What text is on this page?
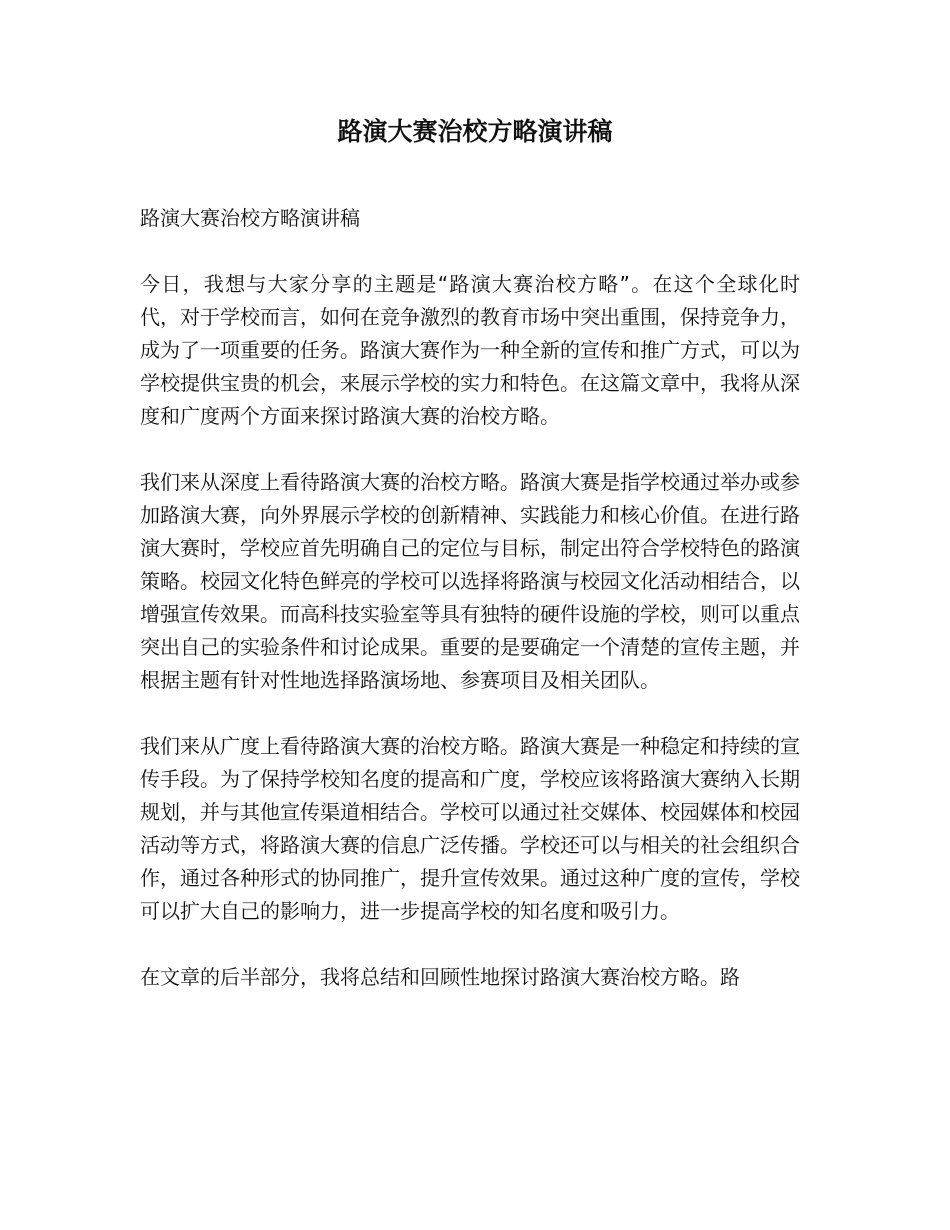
路演大赛治校方略演讲稿

路演大赛治校方略演讲稿

今日，我想与大家分享的主题是“路演大赛治校方略”。在这个全球化时代，对于学校而言，如何在竞争激烈的教育市场中突出重围，保持竞争力，成为了一项重要的任务。路演大赛作为一种全新的宣传和推广方式，可以为学校提供宝贵的机会，来展示学校的实力和特色。在这篇文章中，我将从深度和广度两个方面来探讨路演大赛的治校方略。

我们来从深度上看待路演大赛的治校方略。路演大赛是指学校通过举办或参加路演大赛，向外界展示学校的创新精神、实践能力和核心价值。在进行路演大赛时，学校应首先明确自己的定位与目标，制定出符合学校特色的路演策略。校园文化特色鲜亮的学校可以选择将路演与校园文化活动相结合，以增强宣传效果。而高科技实验室等具有独特的硬件设施的学校，则可以重点突出自己的实验条件和讨论成果。重要的是要确定一个清楚的宣传主题，并根据主题有针对性地选择路演场地、参赛项目及相关团队。

我们来从广度上看待路演大赛的治校方略。路演大赛是一种稳定和持续的宣传手段。为了保持学校知名度的提高和广度，学校应该将路演大赛纳入长期规划，并与其他宣传渠道相结合。学校可以通过社交媒体、校园媒体和校园活动等方式，将路演大赛的信息广泛传播。学校还可以与相关的社会组织合作，通过各种形式的协同推广，提升宣传效果。通过这种广度的宣传，学校可以扩大自己的影响力，进一步提高学校的知名度和吸引力。

在文章的后半部分，我将总结和回顾性地探讨路演大赛治校方略。路
